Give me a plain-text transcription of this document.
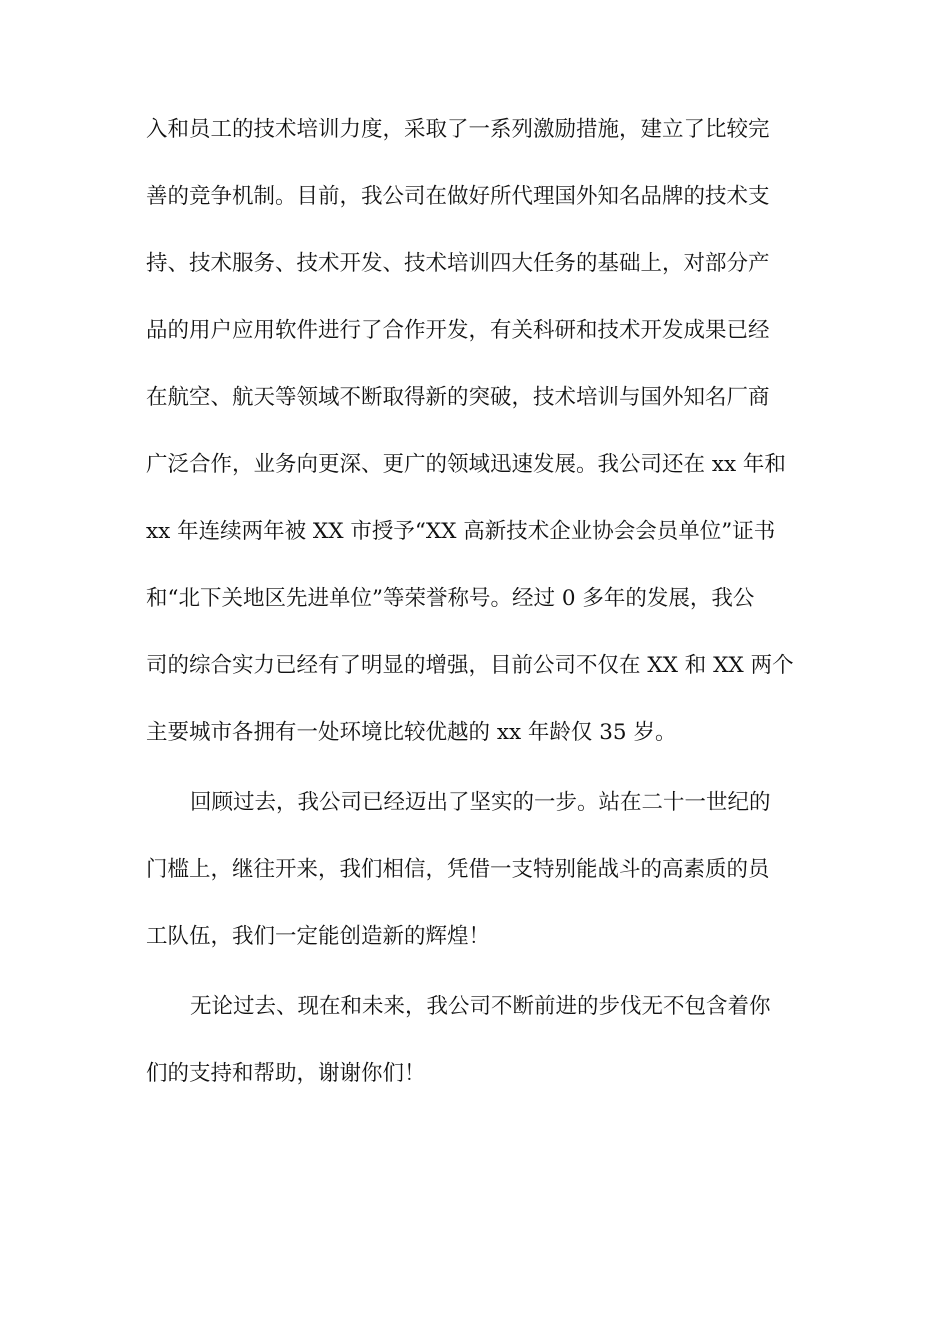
入和员工的技术培训力度，采取了一系列激励措施，建立了比较完
善的竞争机制。目前，我公司在做好所代理国外知名品牌的技术支
持、技术服务、技术开发、技术培训四大任务的基础上，对部分产
品的用户应用软件进行了合作开发，有关科研和技术开发成果已经
在航空、航天等领域不断取得新的突破，技术培训与国外知名厂商
广泛合作，业务向更深、更广的领域迅速发展。我公司还在 xx 年和
xx 年连续两年被 XX 市授予“XX 高新技术企业协会会员单位”证书
和“北下关地区先进单位”等荣誉称号。经过 0 多年的发展，我公
司的综合实力已经有了明显的增强，目前公司不仅在 XX 和 XX 两个
主要城市各拥有一处环境比较优越的 xx 年龄仅 35 岁。
回顾过去，我公司已经迈出了坚实的一步。站在二十一世纪的
门槛上，继往开来，我们相信，凭借一支特别能战斗的高素质的员
工队伍，我们一定能创造新的辉煌！
无论过去、现在和未来，我公司不断前进的步伐无不包含着你
们的支持和帮助，谢谢你们！
